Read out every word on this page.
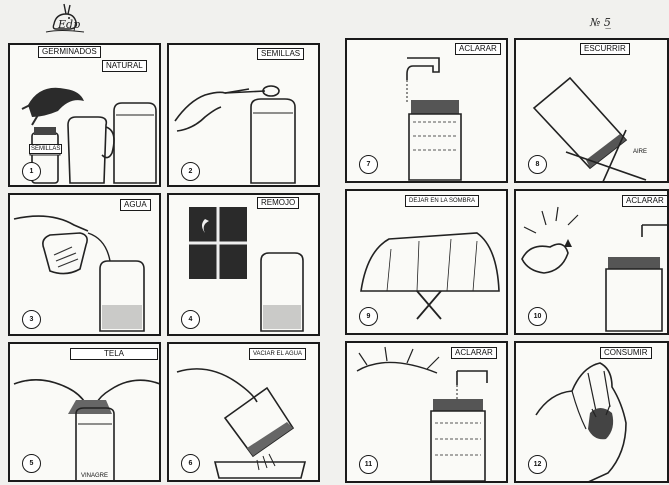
Edp	№ 5̲
GERMINADOS
NATURAL
SEMILLAS
1
SEMILLAS
2
AGUA
3
REMOJO
4
TELA
VINAGRE
5
VACIAR EL AGUA
6
ACLARAR
7
ESCURRIR
AIRE
8
DEJAR EN LA SOMBRA
9
ACLARAR
10
ACLARAR
11
CONSUMIR
12
